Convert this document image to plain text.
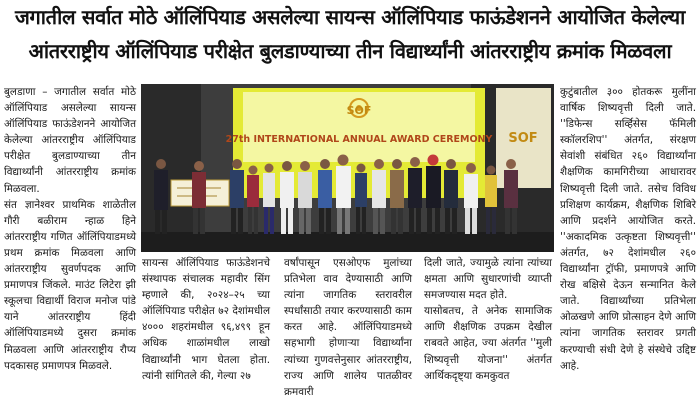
जगातील सर्वात मोठे ऑलिंपियाड असलेल्या सायन्स ऑलिंपियाड फाऊंडेशनने आयोजित केलेल्या
आंतरराष्ट्रीय ऑलिंपियाड परीक्षेत बुलडाण्याच्या तीन विद्यार्थ्यांनी आंतरराष्ट्रीय क्रमांक मिळवला
बुलडाणा – जगातील सर्वात मोठे ऑलिंपियाड असलेल्या सायन्स ऑलिंपियाड फाऊंडेशनने आयोजित केलेल्या आंतरराष्ट्रीय ऑलिंपियाड परीक्षेत बुलडाण्याच्या तीन विद्यार्थ्यांनी आंतरराष्ट्रीय क्रमांक मिळवला.
संत ज्ञानेश्वर प्राथमिक शाळेतील गौरी बळीराम न्हाळ हिने आंतरराष्ट्रीय गणित ऑलिंपियाडमध्ये प्रथम क्रमांक मिळवला आणि आंतरराष्ट्रीय सुवर्णपदक आणि प्रमाणपत्र जिंकले. माउंट लिटेरा झी स्कूलचा विद्यार्थी विराज मनोज पांडे याने आंतरराष्ट्रीय हिंदी ऑलिंपियाडमध्ये दुसरा क्रमांक मिळवला आणि आंतरराष्ट्रीय रौप्य पदकासह प्रमाणपत्र मिळवले.
SOF
27th INTERNATIONAL ANNUAL AWARD CEREMONY SOF
सायन्स ऑलिंपियाड फाऊंडेशनचे संस्थापक संचालक महावीर सिंग म्हणाले की, २०२४–२५ च्या ऑलिंपियाड परीक्षेत ७२ देशांमधील ४००० शहरांमधील ९६,४९९ हून अधिक शाळांमधील लाखो विद्यार्थ्यांनी भाग घेतला होता. त्यांनी सांगितले की, गेल्या २७
वर्षांपासून एसओएफ मुलांच्या प्रतिभेला वाव देण्यासाठी आणि त्यांना जागतिक स्तरावरील स्पर्धांसाठी तयार करण्यासाठी काम करत आहे. ऑलिंपियाडमध्ये सहभागी होणाऱ्या विद्यार्थ्यांना त्यांच्या गुणवत्तेनुसार आंतरराष्ट्रीय, राज्य आणि शालेय पातळीवर क्रमवारी
दिली जाते, ज्यामुळे त्यांना त्यांच्या क्षमता आणि सुधारणांची व्याप्ती समजण्यास मदत होते.
यासोबतच, ते अनेक सामाजिक आणि शैक्षणिक उपक्रम देखील राबवते आहेत, ज्या अंतर्गत ''मुली शिष्यवृत्ती योजना'' अंतर्गत आर्थिकदृष्ट्या कमकुवत
कुटुंबातील ३०० होतकरू मुलींना वार्षिक शिष्यवृत्ती दिली जाते. ''डिफेन्स सर्व्हिसेस फॅमिली स्कॉलरशिप'' अंतर्गत, संरक्षण सेवांशी संबंधित २६० विद्यार्थ्यांना शैक्षणिक कामगिरीच्या आधारावर शिष्यवृत्ती दिली जाते. तसेच विविध प्रशिक्षण कार्यक्रम, शैक्षणिक शिबिरे आणि प्रदर्शने आयोजित करते. ''अकादमिक उत्कृष्टता शिष्यवृत्ती'' अंतर्गत, ७२ देशांमधील २६० विद्यार्थ्यांना ट्रॉफी, प्रमाणपत्रे आणि रोख बक्षिसे देऊन सन्मानित केले जाते. विद्यार्थ्यांच्या प्रतिभेला ओळखणे आणि प्रोत्साहन देणे आणि त्यांना जागतिक स्तरावर प्रगती करण्याची संधी देणे हे संस्थेचे उद्दिष्ट आहे.
